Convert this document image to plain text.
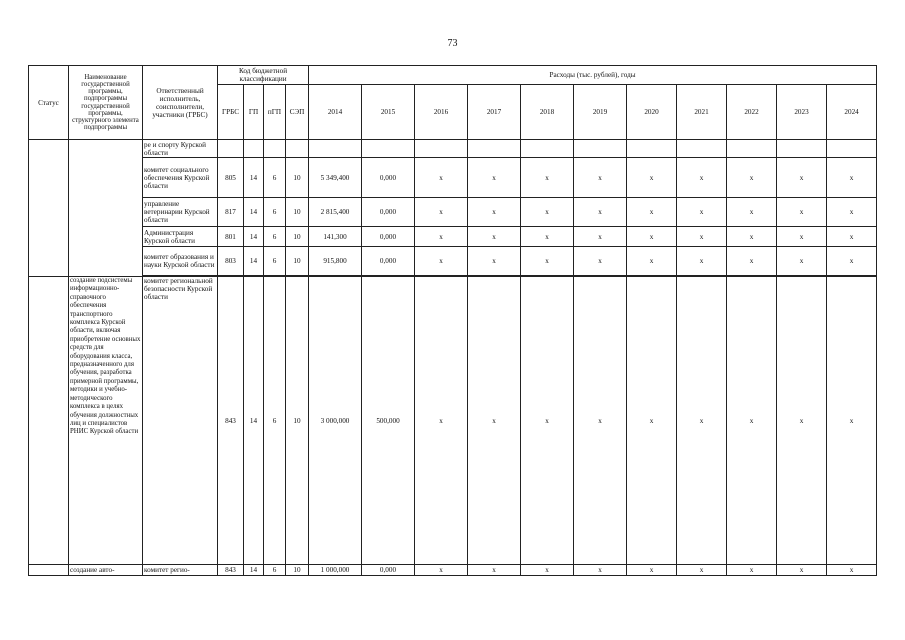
73
Статус	Наименование государственной программы, подпрограммы государственной программы, структурного элемента подпрограммы	Ответственный исполнитель, соисполнители, участники (ГРБС)	Код бюджетной классификации				Расходы (тыс. рублей), годы										
			ГРБС	ГП	пГП	СЭП	2014	2015	2016	2017	2018	2019	2020	2021	2022	2023	2024
		ре и спорту Курской области															
		комитет социального обеспечения Курской области	805	14	6	10	5 349,400	0,000	x	x	x	x	x	x	x	x	x
		управление ветеринарии Курской области	817	14	6	10	2 815,400	0,000	x	x	x	x	x	x	x	x	x
		Администрация Курской области	801	14	6	10	141,300	0,000	x	x	x	x	x	x	x	x	x
		комитет образования и науки Курской области	803	14	6	10	915,800	0,000	x	x	x	x	x	x	x	x	x

	создание подсистемы информационно-справочного обеспечения транспортного комплекса Курской области, включая приобретение основных средств для оборудования класса, предназначенного для обучения, разработка примерной программы, методики и учебно-методического комплекса в целях обучения должностных лиц и специалистов РНИС Курской области	комитет региональной безопасности Курской области	843	14	6	10	3 000,000	500,000	x	x	x	x	x	x	x	x	x
	создание авто-	комитет регио-	843	14	6	10	1 000,000	0,000	x	x	x	x	x	x	x	x	x
